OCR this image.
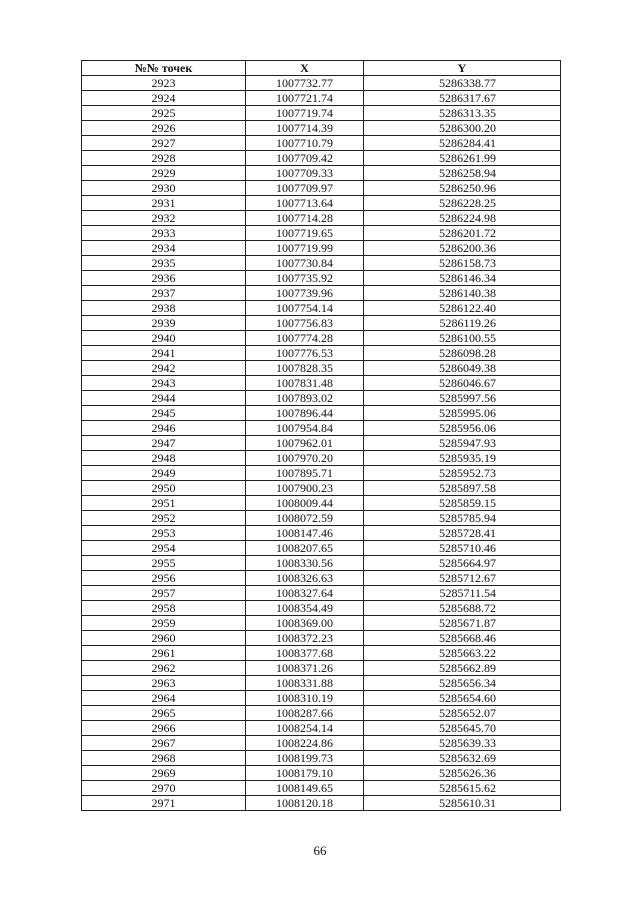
№№ точек	X	Y
2923	1007732.77	5286338.77
2924	1007721.74	5286317.67
2925	1007719.74	5286313.35
2926	1007714.39	5286300.20
2927	1007710.79	5286284.41
2928	1007709.42	5286261.99
2929	1007709.33	5286258.94
2930	1007709.97	5286250.96
2931	1007713.64	5286228.25
2932	1007714.28	5286224.98
2933	1007719.65	5286201.72
2934	1007719.99	5286200.36
2935	1007730.84	5286158.73
2936	1007735.92	5286146.34
2937	1007739.96	5286140.38
2938	1007754.14	5286122.40
2939	1007756.83	5286119.26
2940	1007774.28	5286100.55
2941	1007776.53	5286098.28
2942	1007828.35	5286049.38
2943	1007831.48	5286046.67
2944	1007893.02	5285997.56
2945	1007896.44	5285995.06
2946	1007954.84	5285956.06
2947	1007962.01	5285947.93
2948	1007970.20	5285935.19
2949	1007895.71	5285952.73
2950	1007900.23	5285897.58
2951	1008009.44	5285859.15
2952	1008072.59	5285785.94
2953	1008147.46	5285728.41
2954	1008207.65	5285710.46
2955	1008330.56	5285664.97
2956	1008326.63	5285712.67
2957	1008327.64	5285711.54
2958	1008354.49	5285688.72
2959	1008369.00	5285671.87
2960	1008372.23	5285668.46
2961	1008377.68	5285663.22
2962	1008371.26	5285662.89
2963	1008331.88	5285656.34
2964	1008310.19	5285654.60
2965	1008287.66	5285652.07
2966	1008254.14	5285645.70
2967	1008224.86	5285639.33
2968	1008199.73	5285632.69
2969	1008179.10	5285626.36
2970	1008149.65	5285615.62
2971	1008120.18	5285610.31
66
